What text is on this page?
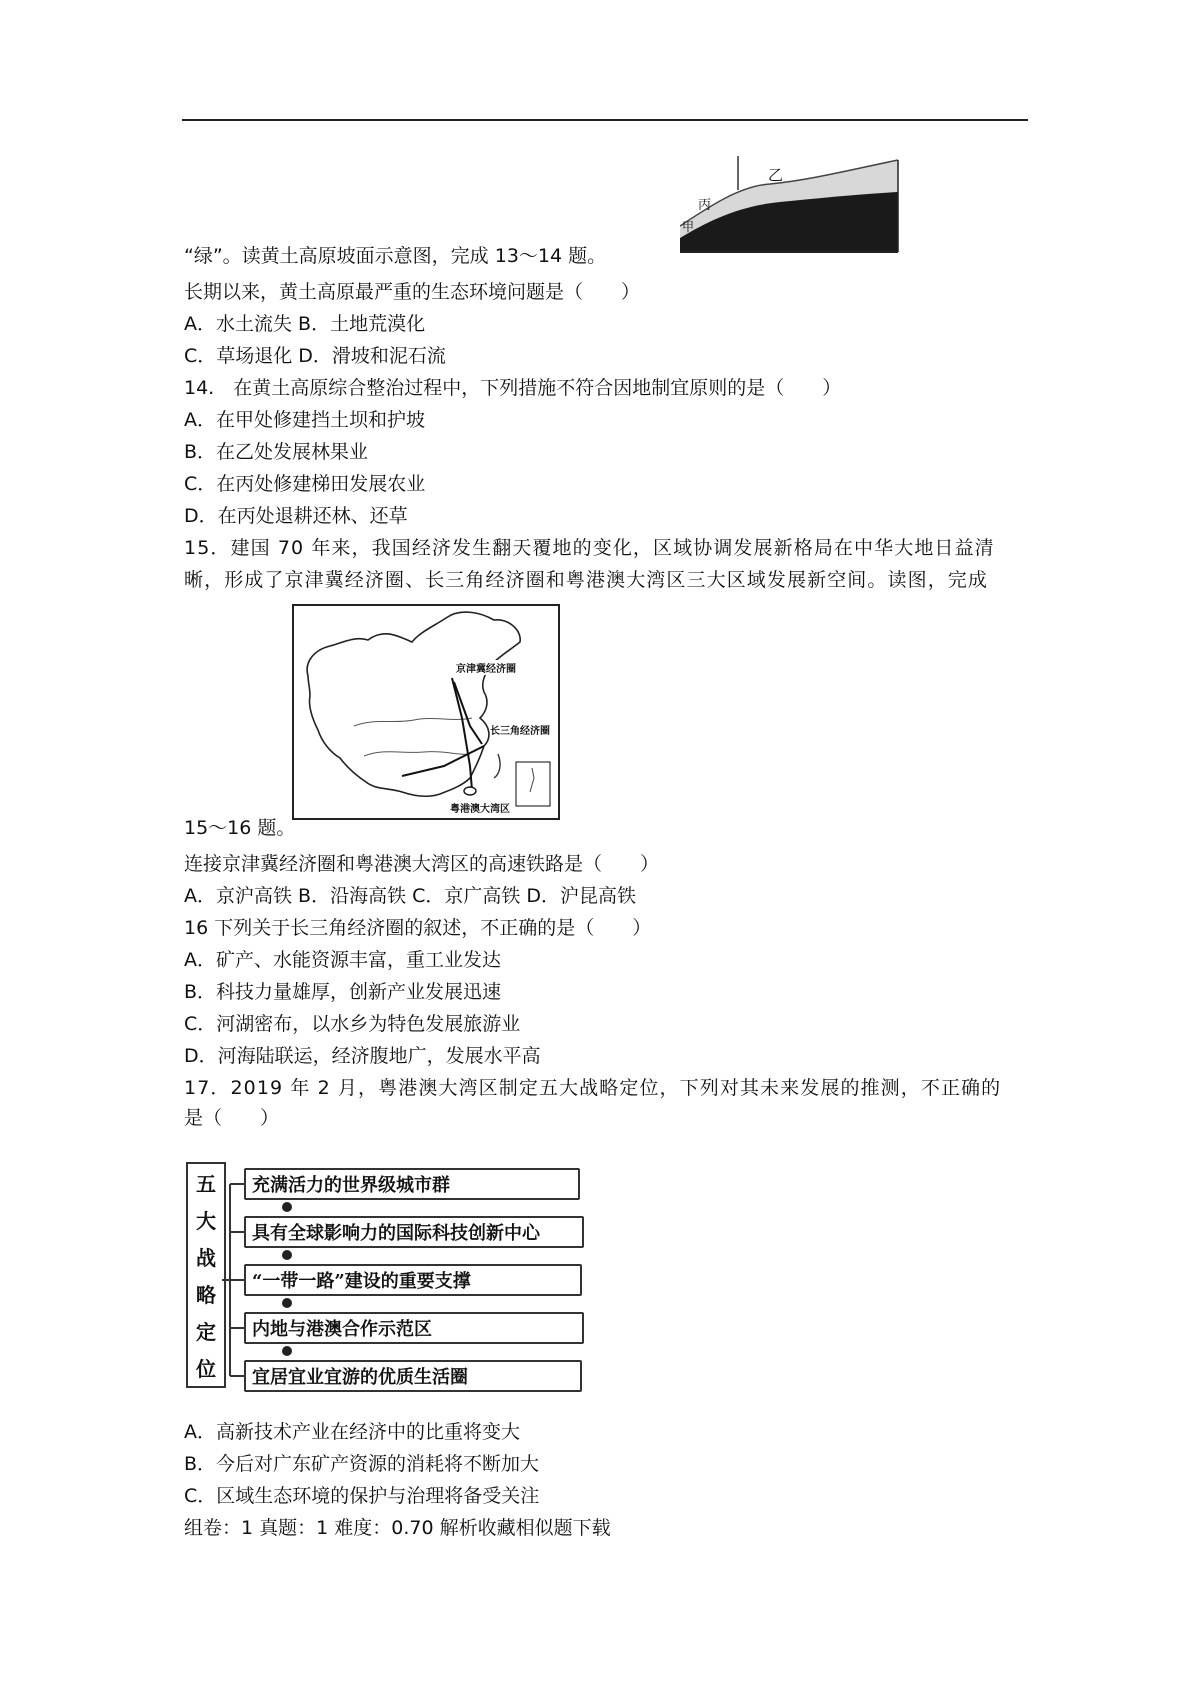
乙
丙
甲
京津冀经济圈
长三角经济圈
粤港澳大湾区
“绿”。读黄土高原坡面示意图，完成 13～14 题。
长期以来，黄土高原最严重的生态环境问题是（　　）
A．水土流失 B．土地荒漠化
C．草场退化 D．滑坡和泥石流
14.　在黄土高原综合整治过程中，下列措施不符合因地制宜原则的是（　　）
A．在甲处修建挡土坝和护坡
B．在乙处发展林果业
C．在丙处修建梯田发展农业
D．在丙处退耕还林、还草
15．建国 70 年来，我国经济发生翻天覆地的变化，区域协调发展新格局在中华大地日益清
晰，形成了京津冀经济圈、长三角经济圈和粤港澳大湾区三大区域发展新空间。读图，完成
15～16 题。
连接京津冀经济圈和粤港澳大湾区的高速铁路是（　　）
A．京沪高铁 B．沿海高铁 C．京广高铁 D．沪昆高铁
16 下列关于长三角经济圈的叙述，不正确的是（　　）
A．矿产、水能资源丰富，重工业发达
B．科技力量雄厚，创新产业发展迅速
C．河湖密布，以水乡为特色发展旅游业
D．河海陆联运，经济腹地广，发展水平高
17．2019 年 2 月，粤港澳大湾区制定五大战略定位，下列对其未来发展的推测，不正确的
是（　　）
五
大
战
略
定
位
充满活力的世界级城市群
具有全球影响力的国际科技创新中心
“一带一路”建设的重要支撑
内地与港澳合作示范区
宜居宜业宜游的优质生活圈
A．高新技术产业在经济中的比重将变大
B．今后对广东矿产资源的消耗将不断加大
C．区域生态环境的保护与治理将备受关注
组卷：1 真题：1 难度：0.70 解析收藏相似题下载
